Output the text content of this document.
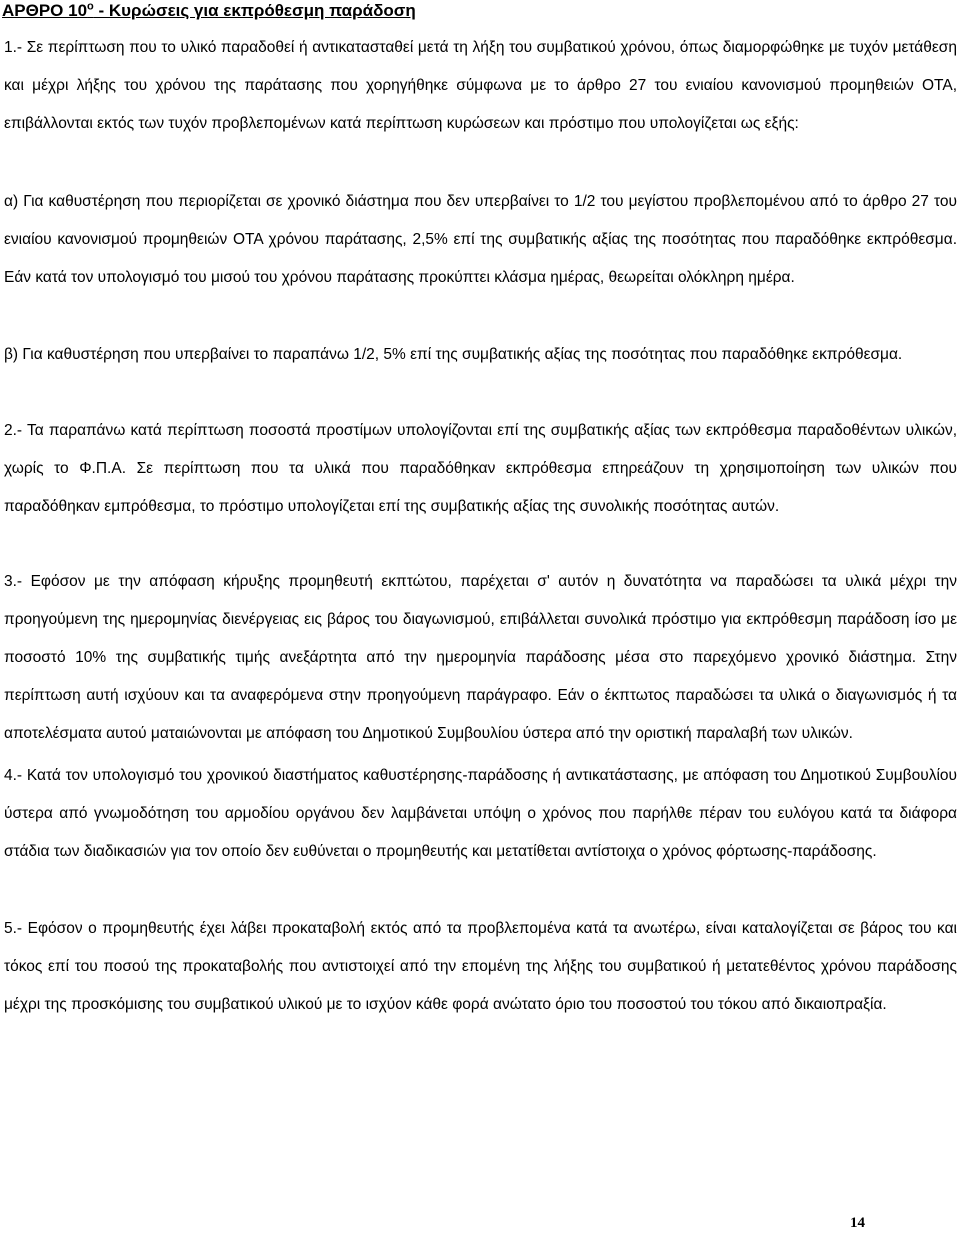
ΑΡΘΡΟ $10^o$ - Κυρώσεις για εκπρόθεσμη παράδοση
1.- Σε περίπτωση που το υλικό παραδοθεί ή αντικατασταθεί μετά τη λήξη του συμβατικού χρόνου, όπως διαμορφώθηκε με τυχόν μετάθεση και μέχρι λήξης του χρόνου της παράτασης που χορηγήθηκε σύμφωνα με το άρθρο 27 του ενιαίου κανονισμού προμηθειών ΟΤΑ, επιβάλλονται εκτός των τυχόν προβλεπομένων κατά περίπτωση κυρώσεων και πρόστιμο που υπολογίζεται ως εξής:
α) Για καθυστέρηση που περιορίζεται σε χρονικό διάστημα που δεν υπερβαίνει το 1/2 του μεγίστου προβλεπομένου από το άρθρο 27 του ενιαίου κανονισμού προμηθειών ΟΤΑ χρόνου παράτασης, 2,5% επί της συμβατικής αξίας της ποσότητας που παραδόθηκε εκπρόθεσμα. Εάν κατά τον υπολογισμό του μισού του χρόνου παράτασης προκύπτει κλάσμα ημέρας, θεωρείται ολόκληρη ημέρα.
β) Για καθυστέρηση που υπερβαίνει το παραπάνω 1/2, 5% επί της συμβατικής αξίας της ποσότητας που παραδόθηκε εκπρόθεσμα.
2.- Τα παραπάνω κατά περίπτωση ποσοστά προστίμων υπολογίζονται επί της συμβατικής αξίας των εκπρόθεσμα παραδοθέντων υλικών, χωρίς το Φ.Π.Α. Σε περίπτωση που τα υλικά που παραδόθηκαν εκπρόθεσμα επηρεάζουν τη χρησιμοποίηση των υλικών που παραδόθηκαν εμπρόθεσμα, το πρόστιμο υπολογίζεται επί της συμβατικής αξίας της συνολικής ποσότητας αυτών.
3.- Εφόσον με την απόφαση κήρυξης προμηθευτή εκπτώτου, παρέχεται σ' αυτόν η δυνατότητα να παραδώσει τα υλικά μέχρι την προηγούμενη της ημερομηνίας διενέργειας εις βάρος του διαγωνισμού, επιβάλλεται συνολικά πρόστιμο για εκπρόθεσμη παράδοση ίσο με ποσοστό 10% της συμβατικής τιμής ανεξάρτητα από την ημερομηνία παράδοσης μέσα στο παρεχόμενο χρονικό διάστημα. Στην περίπτωση αυτή ισχύουν και τα αναφερόμενα στην προηγούμενη παράγραφο. Εάν ο έκπτωτος παραδώσει τα υλικά ο διαγωνισμός ή τα αποτελέσματα αυτού ματαιώνονται με απόφαση του Δημοτικού Συμβουλίου ύστερα από την οριστική παραλαβή των υλικών.
4.- Κατά τον υπολογισμό του χρονικού διαστήματος καθυστέρησης-παράδοσης ή αντικατάστασης, με απόφαση του Δημοτικού Συμβουλίου ύστερα από γνωμοδότηση του αρμοδίου οργάνου δεν λαμβάνεται υπόψη ο χρόνος που παρήλθε πέραν του ευλόγου κατά τα διάφορα στάδια των διαδικασιών για τον οποίο δεν ευθύνεται ο προμηθευτής και μετατίθεται αντίστοιχα ο χρόνος φόρτωσης-παράδοσης.
5.- Εφόσον ο προμηθευτής έχει λάβει προκαταβολή εκτός από τα προβλεπομένα κατά τα ανωτέρω, είναι καταλογίζεται σε βάρος του και τόκος επί του ποσού της προκαταβολής που αντιστοιχεί από την επομένη της λήξης του συμβατικού ή μετατεθέντος χρόνου παράδοσης μέχρι της προσκόμισης του συμβατικού υλικού με το ισχύον κάθε φορά ανώτατο όριο του ποσοστού του τόκου από δικαιοπραξία.
14
